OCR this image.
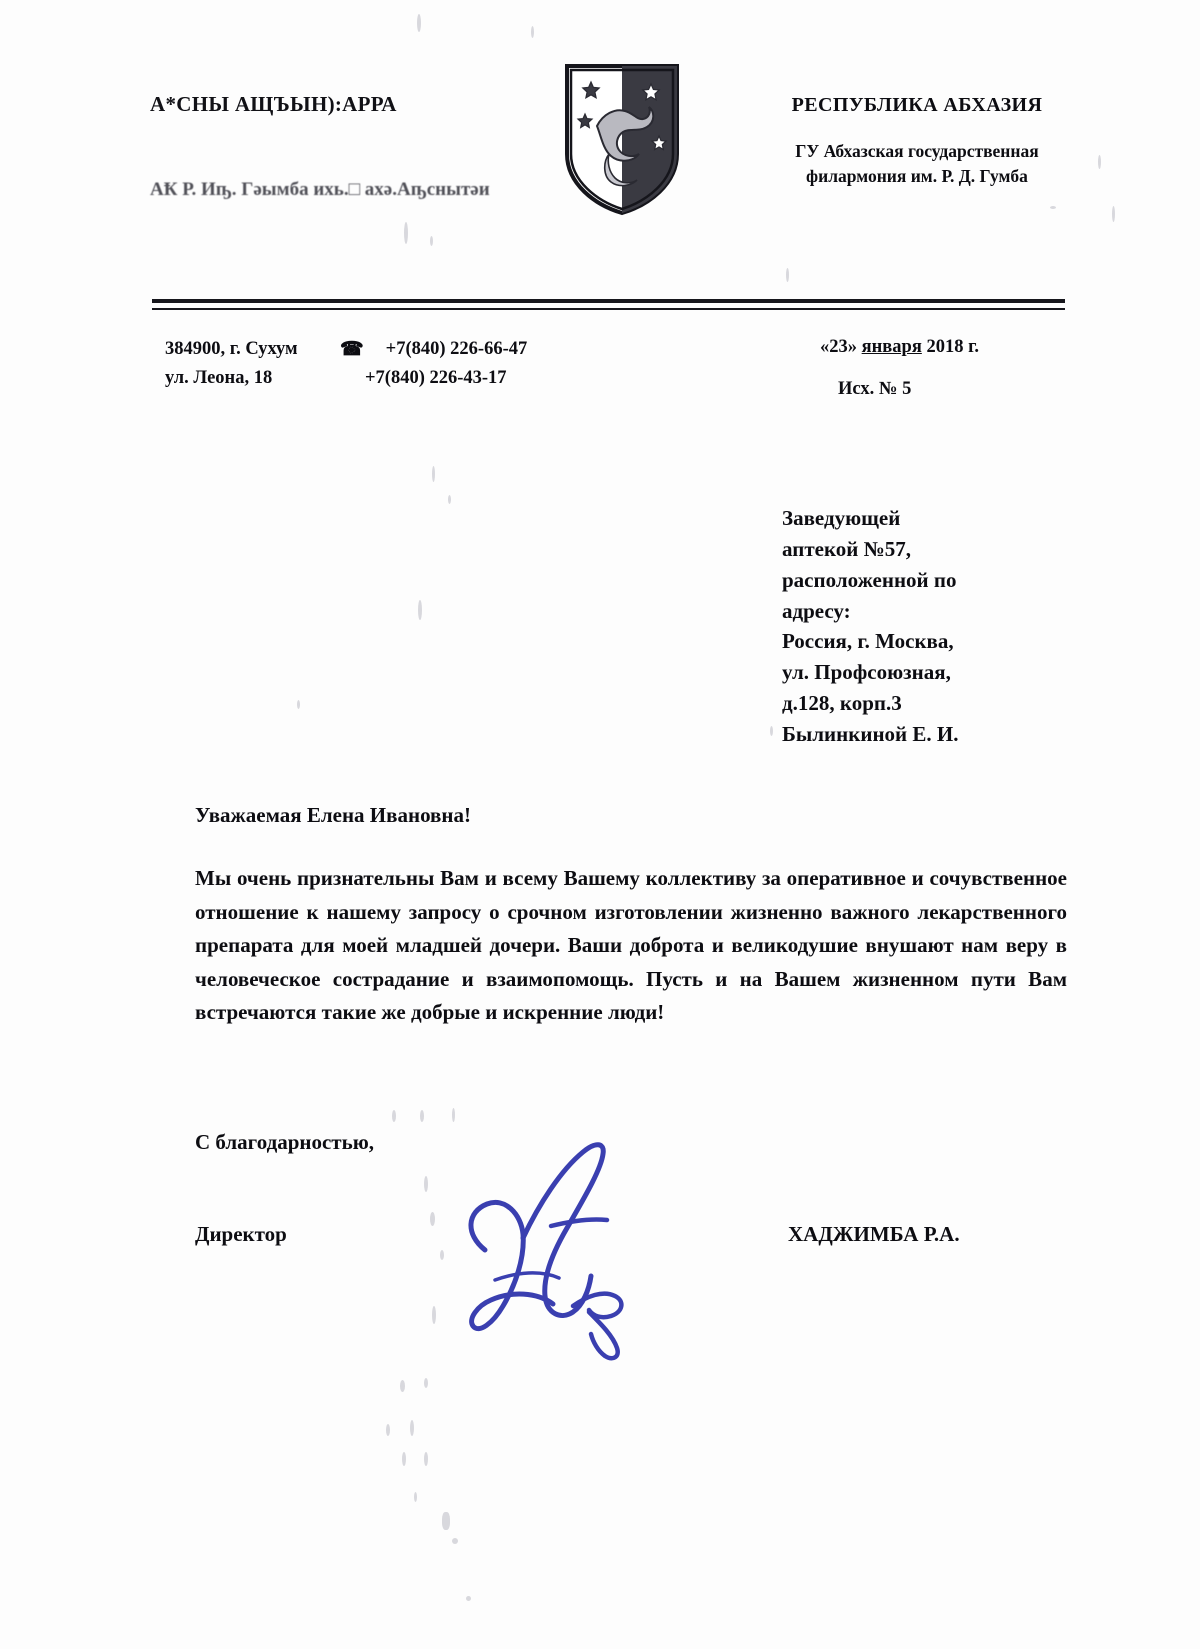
А*СНЫ АЩЪЫН):АРРА
АҞ Р. Иҧ. Гәымба ихь.□ ахә.Аҧснытәи
РЕСПУБЛИКА АБХАЗИЯ
ГУ Абхазская государственная
филармония им. Р. Д. Гумба
384900, г. Сухум ☎ +7(840) 226-66-47
ул. Леона, 18	+7(840) 226-43-17
«23» января 2018 г.
Исх. № 5
Заведующей
аптекой №57,
расположенной по
адресу:
Россия, г. Москва,
ул. Профсоюзная,
д.128, корп.3
Былинкиной Е. И.
Уважаемая Елена Ивановна!
Мы очень признательны Вам и всему Вашему коллективу за оперативное и сочувственное отношение к нашему запросу о срочном изготовлении жизненно важного лекарственного препарата для моей младшей дочери. Ваши доброта и великодушие внушают нам веру в человеческое сострадание и взаимопомощь. Пусть и на Вашем жизненном пути Вам встречаются такие же добрые и искренние люди!
С благодарностью,
Директор	ХАДЖИМБА Р.А.
